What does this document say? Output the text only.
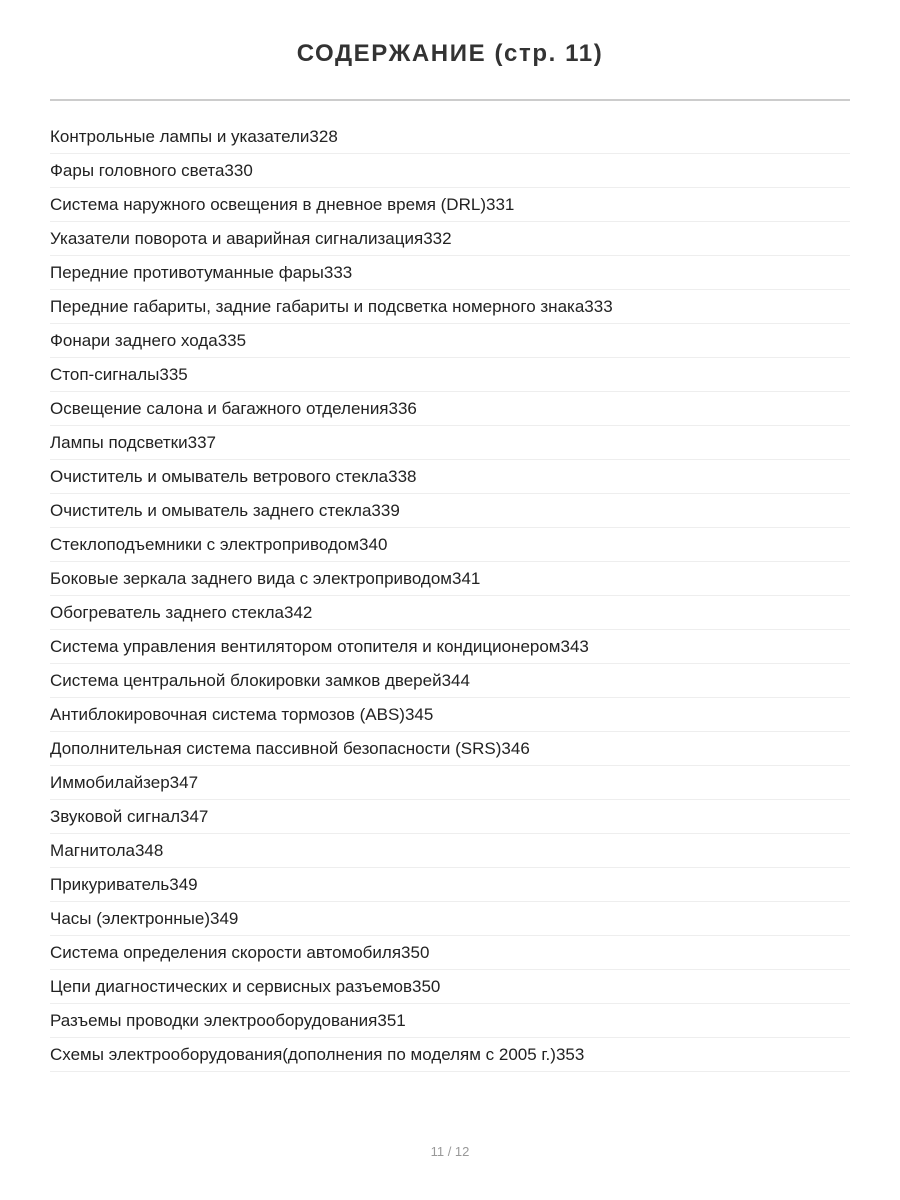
СОДЕРЖАНИЕ (стр. 11)
Контрольные лампы и указатели 328
Фары головного света 330
Система наружного освещения в дневное время (DRL) 331
Указатели поворота и аварийная сигнализация 332
Передние противотуманные фары 333
Передние габариты, задние габариты и подсветка номерного знака 333
Фонари заднего хода 335
Стоп-сигналы 335
Освещение салона и багажного отделения 336
Лампы подсветки 337
Очиститель и омыватель ветрового стекла 338
Очиститель и омыватель заднего стекла 339
Стеклоподъемники с электроприводом 340
Боковые зеркала заднего вида с электроприводом 341
Обогреватель заднего стекла 342
Система управления вентилятором отопителя и кондиционером 343
Система центральной блокировки замков дверей 344
Антиблокировочная система тормозов (ABS) 345
Дополнительная система пассивной безопасности (SRS) 346
Иммобилайзер 347
Звуковой сигнал 347
Магнитола 348
Прикуриватель 349
Часы (электронные) 349
Система определения скорости автомобиля 350
Цепи диагностических и сервисных разъемов 350
Разъемы проводки электрооборудования 351
Схемы электрооборудования(дополнения по моделям с 2005 г.) 353
11 / 12
